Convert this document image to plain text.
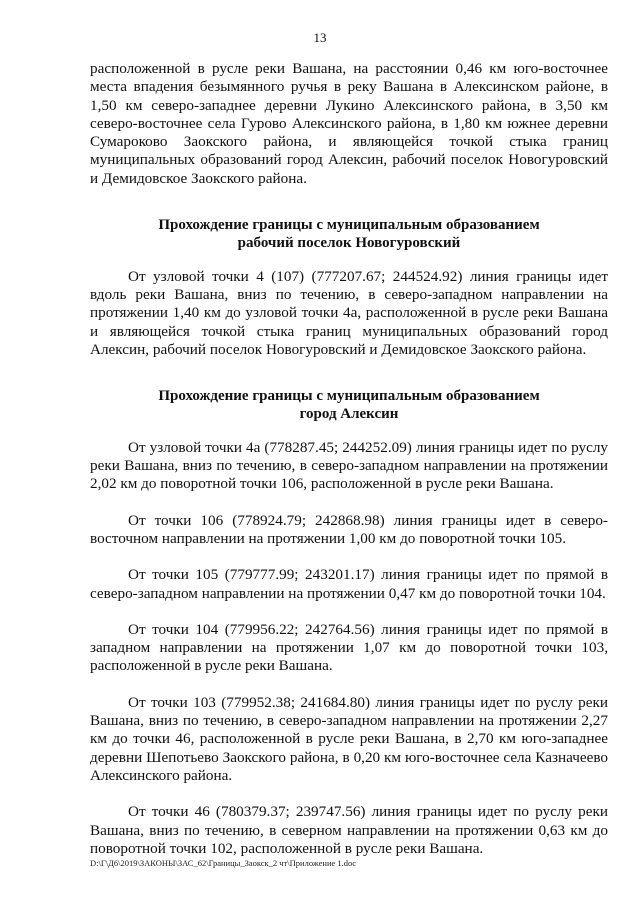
13

расположенной в русле реки Вашана, на расстоянии 0,46 км юго-восточнее места впадения безымянного ручья в реку Вашана в Алексинском районе, в 1,50 км северо-западнее деревни Лукино Алексинского района, в 3,50 км северо-восточнее села Гурово Алексинского района, в 1,80 км южнее деревни Сумароково Заокского района, и являющейся точкой стыка границ муниципальных образований город Алексин, рабочий поселок Новогуровский и Демидовское Заокского района.

Прохождение границы с муниципальным образованием
рабочий поселок Новогуровский

От узловой точки 4 (107) (777207.67; 244524.92) линия границы идет вдоль реки Вашана, вниз по течению, в северо-западном направлении на протяжении 1,40 км до узловой точки 4а, расположенной в русле реки Вашана и являющейся точкой стыка границ муниципальных образований город Алексин, рабочий поселок Новогуровский и Демидовское Заокского района.

Прохождение границы с муниципальным образованием
город Алексин

От узловой точки 4а (778287.45; 244252.09) линия границы идет по руслу реки Вашана, вниз по течению, в северо-западном направлении на протяжении 2,02 км до поворотной точки 106, расположенной в русле реки Вашана.

От точки 106 (778924.79; 242868.98) линия границы идет в северо-восточном направлении на протяжении 1,00 км до поворотной точки 105.

От точки 105 (779777.99; 243201.17) линия границы идет по прямой в северо-западном направлении на протяжении 0,47 км до поворотной точки 104.

От точки 104 (779956.22; 242764.56) линия границы идет по прямой в западном направлении на протяжении 1,07 км до поворотной точки 103, расположенной в русле реки Вашана.

От точки 103 (779952.38; 241684.80) линия границы идет по руслу реки Вашана, вниз по течению, в северо-западном направлении на протяжении 2,27 км до точки 46, расположенной в русле реки Вашана, в 2,70 км юго-западнее деревни Шепотьево Заокского района, в 0,20 км юго-восточнее села Казначеево Алексинского района.

От точки 46 (780379.37; 239747.56) линия границы идет по руслу реки Вашана, вниз по течению, в северном направлении на протяжении 0,63 км до поворотной точки 102, расположенной в русле реки Вашана.

D:\Г\Д6\2019\ЗАКОНЫ\ЗАС_62\Границы_Заокск_2 чт\Приложение 1.doc
